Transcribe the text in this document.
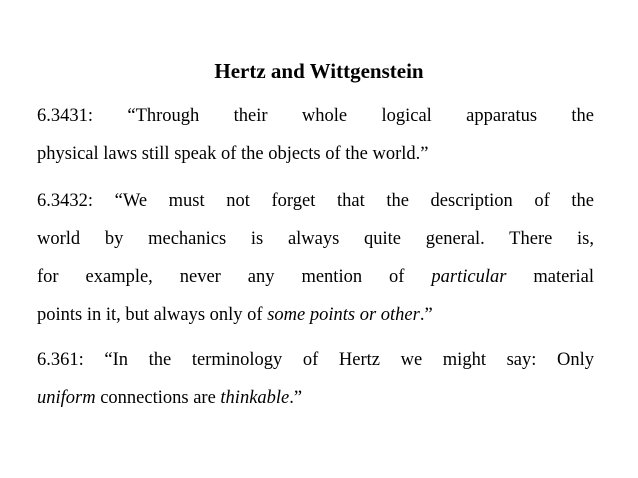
Hertz and Wittgenstein
6.3431: “Through their whole logical apparatus the
physical laws still speak of the objects of the world.”
6.3432: “We must not forget that the description of the
world by mechanics is always quite general. There is,
for example, never any mention of particular material
points in it, but always only of some points or other.”
6.361: “In the terminology of Hertz we might say: Only
uniform connections are thinkable.”
